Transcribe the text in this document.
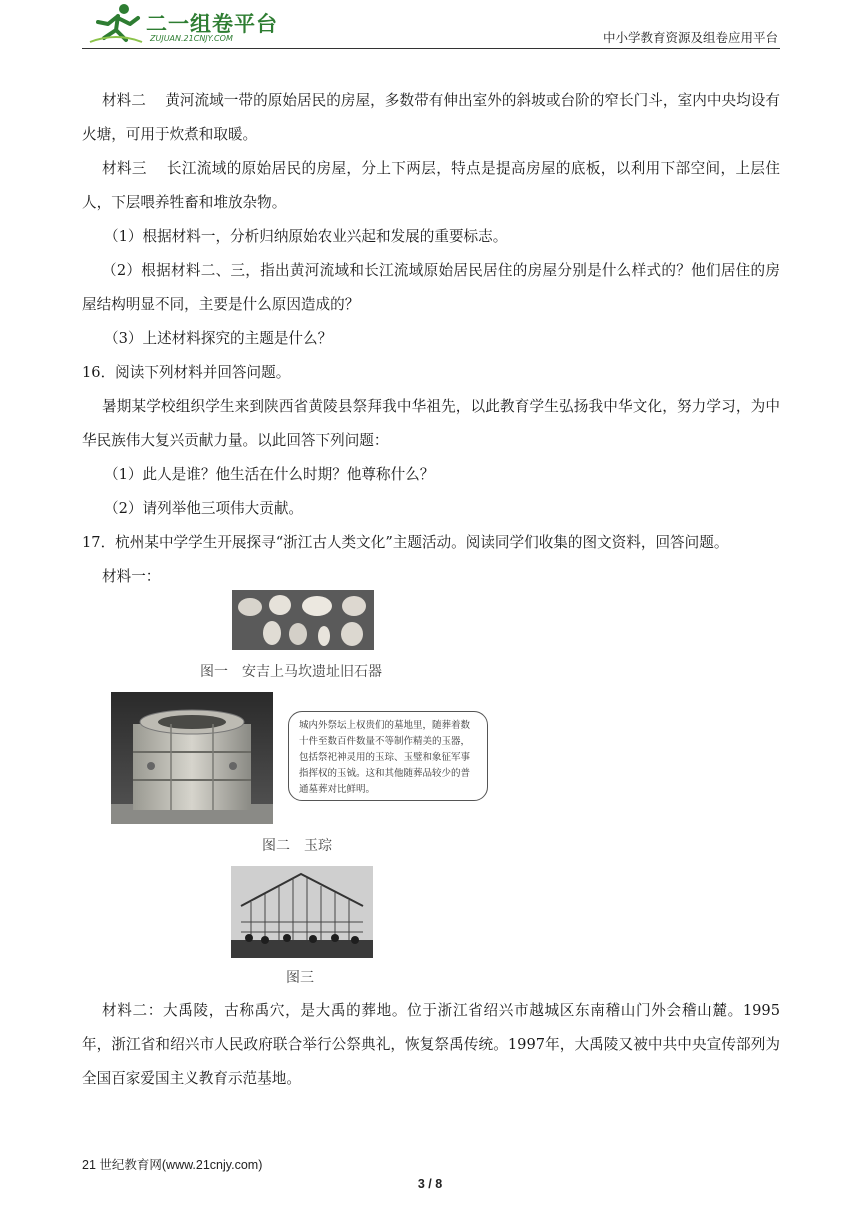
二一组卷平台
ZUJUAN.21CNJY.COM	中小学教育资源及组卷应用平台

材料二　 黄河流域一带的原始居民的房屋，多数带有伸出室外的斜坡或台阶的窄长门斗，室内中央均设有火塘，可用于炊煮和取暖。

材料三　 长江流域的原始居民的房屋，分上下两层，特点是提高房屋的底板，以利用下部空间，上层住人，下层喂养牲畜和堆放杂物。

（1）根据材料一，分析归纳原始农业兴起和发展的重要标志。

（2）根据材料二、三，指出黄河流域和长江流域原始居民居住的房屋分别是什么样式的？他们居住的房屋结构明显不同，主要是什么原因造成的？

（3）上述材料探究的主题是什么？

16．阅读下列材料并回答问题。

暑期某学校组织学生来到陕西省黄陵县祭拜我中华祖先，以此教育学生弘扬我中华文化，努力学习，为中华民族伟大复兴贡献力量。以此回答下列问题：

（1）此人是谁？他生活在什么时期？他尊称什么？

（2）请列举他三项伟大贡献。

17．杭州某中学学生开展探寻“浙江古人类文化”主题活动。阅读同学们收集的图文资料，回答问题。

材料一：

图一　安吉上马坎遗址旧石器
城内外祭坛上权贵们的墓地里，随葬着数十件至数百件数量不等制作精美的玉器，包括祭祀神灵用的玉琮、玉璧和象征军事指挥权的玉钺。这和其他随葬品较少的普通墓葬对比鲜明。
图二　玉琮
图三

材料二：大禹陵，古称禹穴，是大禹的葬地。位于浙江省绍兴市越城区东南稽山门外会稽山麓。1995年，浙江省和绍兴市人民政府联合举行公祭典礼，恢复祭禹传统。1997年，大禹陵又被中共中央宣传部列为全国百家爱国主义教育示范基地。

21 世纪教育网(www.21cnjy.com)
3 / 8
